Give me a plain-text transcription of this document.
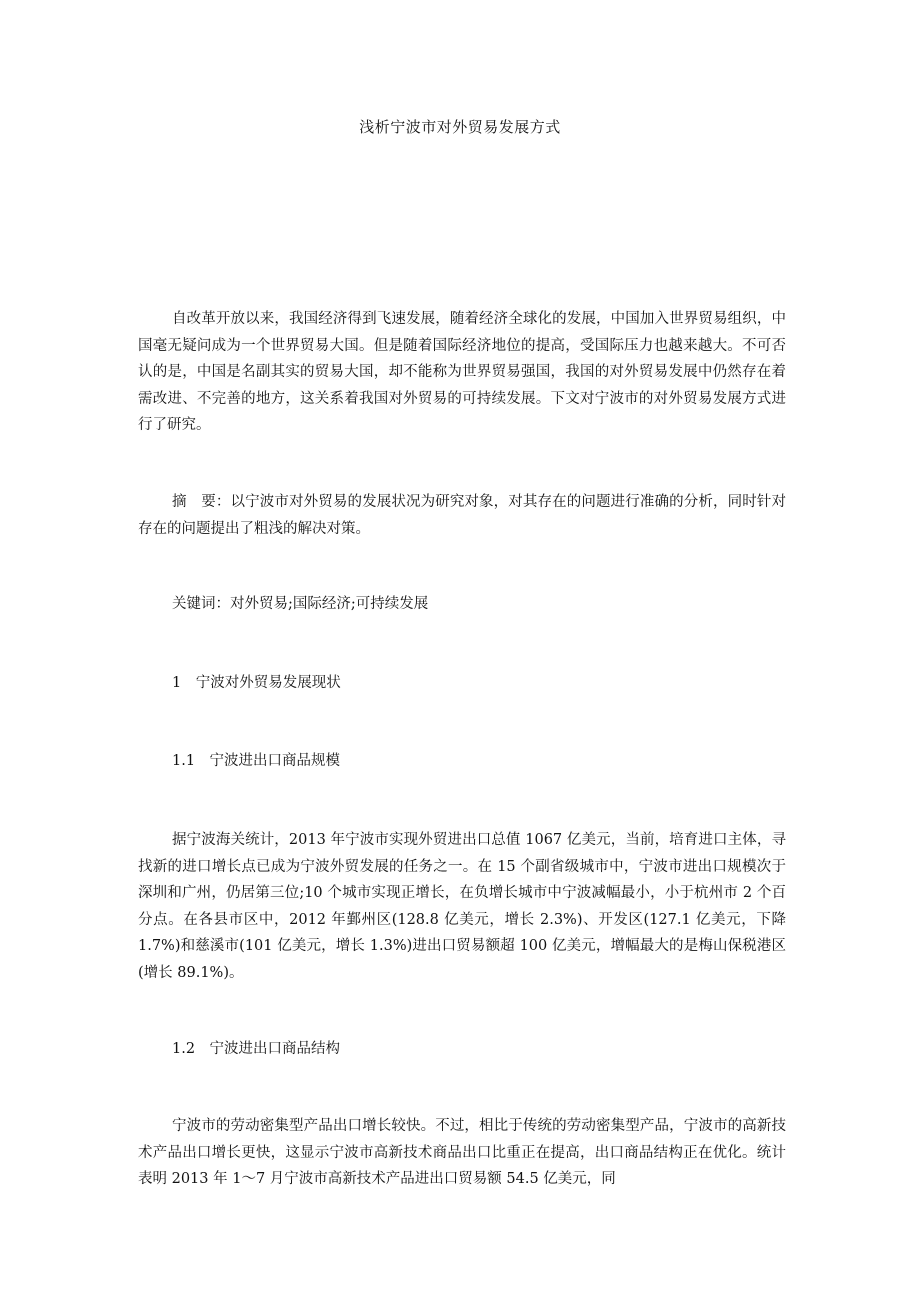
浅析宁波市对外贸易发展方式
自改革开放以来，我国经济得到飞速发展，随着经济全球化的发展，中国加入世界贸易组织，中国毫无疑问成为一个世界贸易大国。但是随着国际经济地位的提高，受国际压力也越来越大。不可否认的是，中国是名副其实的贸易大国，却不能称为世界贸易强国，我国的对外贸易发展中仍然存在着需改进、不完善的地方，这关系着我国对外贸易的可持续发展。下文对宁波市的对外贸易发展方式进行了研究。
摘　要：以宁波市对外贸易的发展状况为研究对象，对其存在的问题进行准确的分析，同时针对存在的问题提出了粗浅的解决对策。
关键词：对外贸易;国际经济;可持续发展
1　宁波对外贸易发展现状
1.1　宁波进出口商品规模
据宁波海关统计，2013 年宁波市实现外贸进出口总值 1067 亿美元，当前，培育进口主体，寻找新的进口增长点已成为宁波外贸发展的任务之一。在 15 个副省级城市中，宁波市进出口规模次于深圳和广州，仍居第三位;10 个城市实现正增长，在负增长城市中宁波减幅最小，小于杭州市 2 个百分点。在各县市区中，2012 年鄞州区(128.8 亿美元，增长 2.3%)、开发区(127.1 亿美元，下降 1.7%)和慈溪市(101 亿美元，增长 1.3%)进出口贸易额超 100 亿美元，增幅最大的是梅山保税港区(增长 89.1%)。
1.2　宁波进出口商品结构
宁波市的劳动密集型产品出口增长较快。不过，相比于传统的劳动密集型产品，宁波市的高新技术产品出口增长更快，这显示宁波市高新技术商品出口比重正在提高，出口商品结构正在优化。统计表明 2013 年 1～7 月宁波市高新技术产品进出口贸易额 54.5 亿美元，同
